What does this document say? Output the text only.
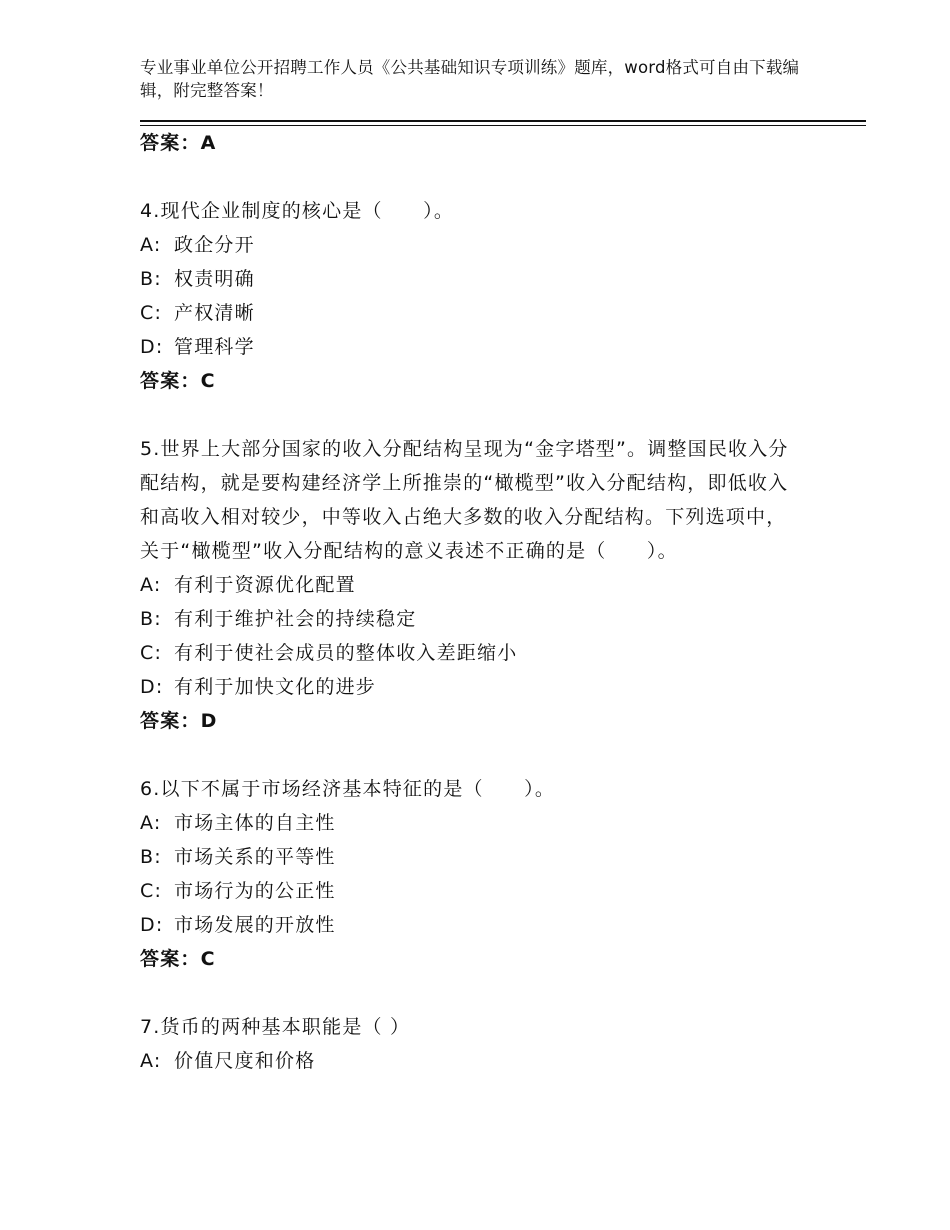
专业事业单位公开招聘工作人员《公共基础知识专项训练》题库，word格式可自由下载编辑，附完整答案！
答案：A
4.现代企业制度的核心是（　　）。
A: 政企分开
B: 权责明确
C: 产权清晰
D: 管理科学
答案：C
5.世界上大部分国家的收入分配结构呈现为“金字塔型”。调整国民收入分配结构，就是要构建经济学上所推崇的“橄榄型”收入分配结构，即低收入和高收入相对较少，中等收入占绝大多数的收入分配结构。下列选项中，关于“橄榄型”收入分配结构的意义表述不正确的是（　　）。
A: 有利于资源优化配置
B: 有利于维护社会的持续稳定
C: 有利于使社会成员的整体收入差距缩小
D: 有利于加快文化的进步
答案：D
6.以下不属于市场经济基本特征的是（　　）。
A: 市场主体的自主性
B: 市场关系的平等性
C: 市场行为的公正性
D: 市场发展的开放性
答案：C
7.货币的两种基本职能是（ ）
A: 价值尺度和价格
